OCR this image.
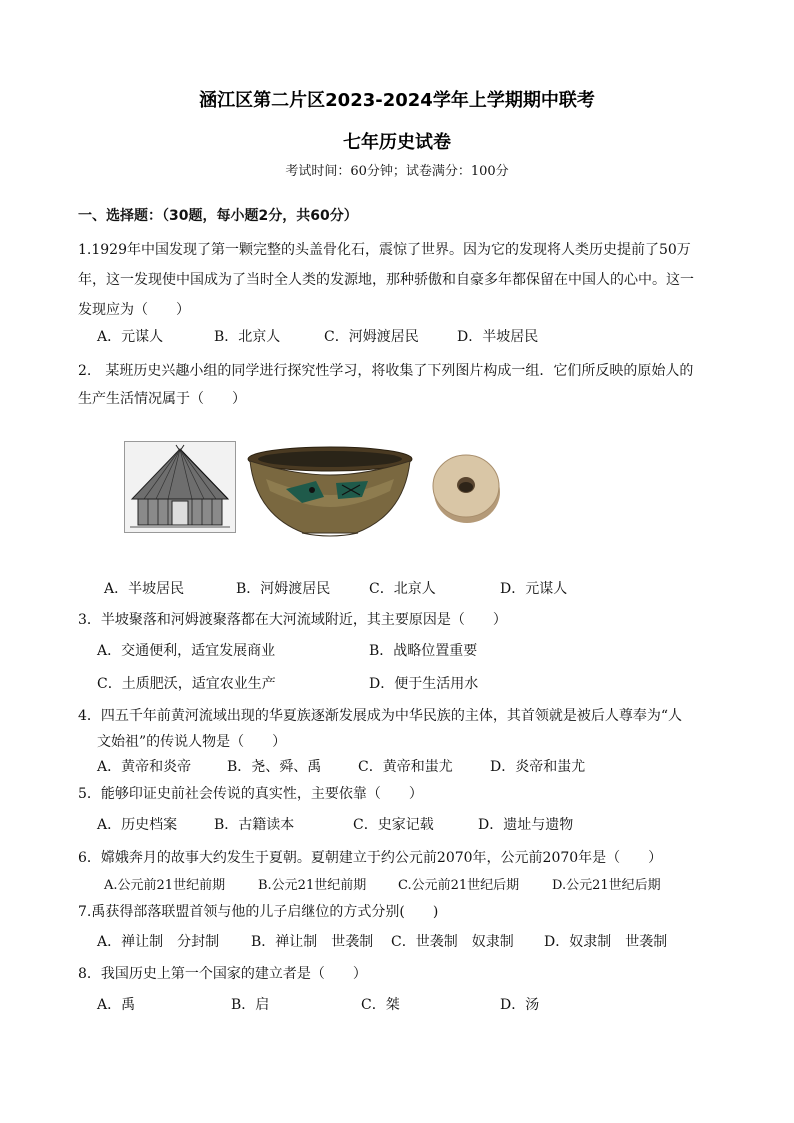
涵江区第二片区2023-2024学年上学期期中联考
七年历史试卷
考试时间：60分钟；试卷满分：100分
一、选择题：（30题，每小题2分，共60分）
1.1929年中国发现了第一颗完整的头盖骨化石，震惊了世界。因为它的发现将人类历史提前了50万
年，这一发现使中国成为了当时全人类的发源地，那种骄傲和自豪多年都保留在中国人的心中。这一
发现应为（　　）
A．元谋人	B．北京人	C．河姆渡居民	D．半坡居民
2.　某班历史兴趣小组的同学进行探究性学习，将收集了下列图片构成一组．它们所反映的原始人的
生产生活情况属于（　　）
A．半坡居民	B．河姆渡居民	C．北京人	D．元谋人
3．半坡聚落和河姆渡聚落都在大河流域附近，其主要原因是（　　）
A．交通便利，适宜发展商业	B．战略位置重要
C．土质肥沃，适宜农业生产	D．便于生活用水
4．四五千年前黄河流域出现的华夏族逐渐发展成为中华民族的主体，其首领就是被后人尊奉为“人
文始祖”的传说人物是（　　）
A．黄帝和炎帝	B．尧、舜、禹	C．黄帝和蚩尤	D．炎帝和蚩尤
5．能够印证史前社会传说的真实性，主要依靠（　　）
A．历史档案	B．古籍读本	C．史家记载	D．遗址与遗物
6．嫦娥奔月的故事大约发生于夏朝。夏朝建立于约公元前2070年，公元前2070年是（　　）
A.公元前21世纪前期	B.公元21世纪前期 C.公元前21世纪后期	D.公元21世纪后期
7.禹获得部落联盟首领与他的儿子启继位的方式分别(　　)
A．禅让制　分封制 B．禅让制　世袭制 C．世袭制　奴隶制 D．奴隶制　世袭制
8．我国历史上第一个国家的建立者是（　　）
A．禹	B．启	C．桀	D．汤
